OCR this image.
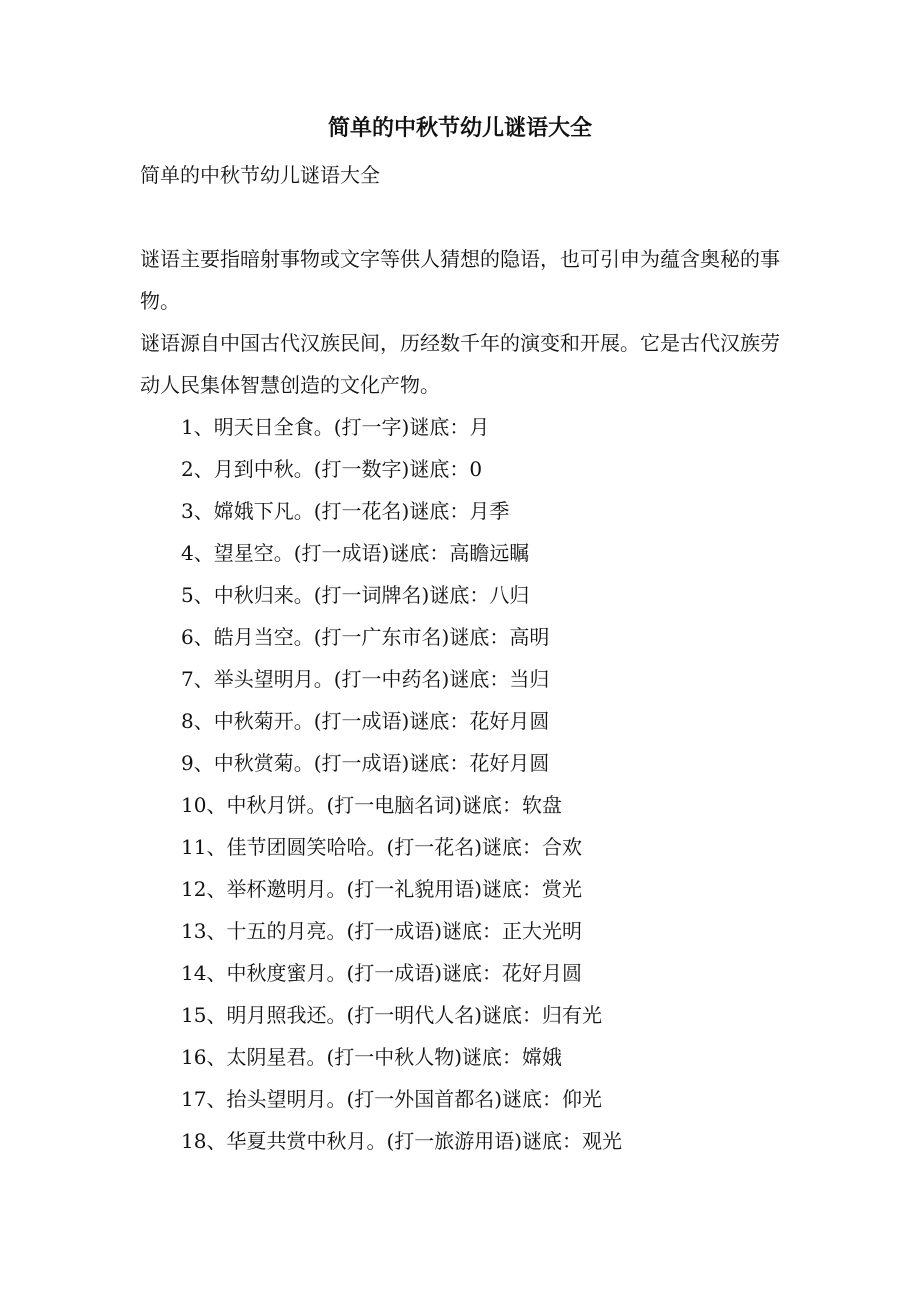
简单的中秋节幼儿谜语大全
简单的中秋节幼儿谜语大全

谜语主要指暗射事物或文字等供人猜想的隐语，也可引申为蕴含奥秘的事物。

谜语源自中国古代汉族民间，历经数千年的演变和开展。它是古代汉族劳动人民集体智慧创造的文化产物。

1、明天日全食。(打一字)谜底：月
2、月到中秋。(打一数字)谜底：0
3、嫦娥下凡。(打一花名)谜底：月季
4、望星空。(打一成语)谜底：高瞻远瞩
5、中秋归来。(打一词牌名)谜底：八归
6、皓月当空。(打一广东市名)谜底：高明
7、举头望明月。(打一中药名)谜底：当归
8、中秋菊开。(打一成语)谜底：花好月圆
9、中秋赏菊。(打一成语)谜底：花好月圆
10、中秋月饼。(打一电脑名词)谜底：软盘
11、佳节团圆笑哈哈。(打一花名)谜底：合欢
12、举杯邀明月。(打一礼貌用语)谜底：赏光
13、十五的月亮。(打一成语)谜底：正大光明
14、中秋度蜜月。(打一成语)谜底：花好月圆
15、明月照我还。(打一明代人名)谜底：归有光
16、太阴星君。(打一中秋人物)谜底：嫦娥
17、抬头望明月。(打一外国首都名)谜底：仰光
18、华夏共赏中秋月。(打一旅游用语)谜底：观光
